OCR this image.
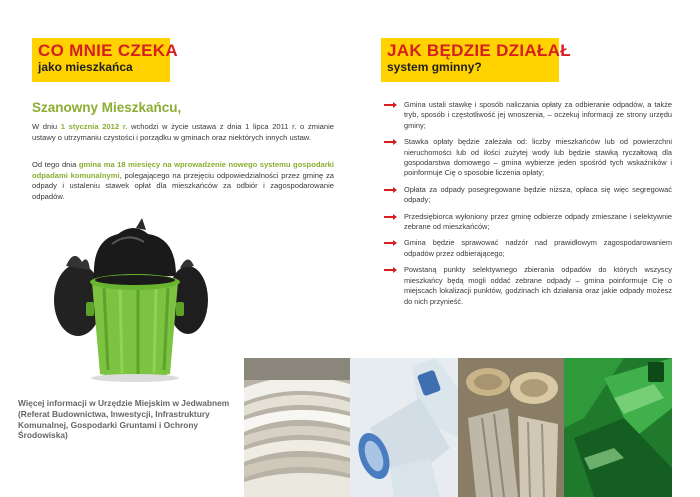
CO MNIE CZEKA
jako mieszkańca
Szanowny Mieszkańcu,
W dniu 1 stycznia 2012 r. wchodzi w życie ustawa z dnia 1 lipca 2011 r. o zmianie ustawy o utrzymaniu czystości i porządku w gminach oraz niektórych innych ustaw.
Od tego dnia gmina ma 18 miesięcy na wprowadzenie nowego systemu gospodarki odpadami komunalnymi, polegającego na przejęciu odpowiedzialności przez gminę za odpady i ustaleniu stawek opłat dla mieszkańców za odbiór i zagospodarowanie odpadów.
Więcej informacji w Urzędzie Miejskim w Jedwabnem (Referat Budownictwa, Inwestycji, Infrastruktury Komunalnej, Gospodarki Gruntami i Ochrony Środowiska)
JAK BĘDZIE DZIAŁAŁ
system gminny?
Gmina ustali stawkę i sposób naliczania opłaty za odbieranie odpadów, a także tryb, sposób i częstotliwość jej wnoszenia, – oczekuj informacji ze strony urzędu gminy;
Stawka opłaty będzie zależała od: liczby mieszkańców lub od powierzchni nieruchomości lub od ilości zużytej wody lub będzie stawką ryczałtową dla gospodarstwa domowego – gmina wybierze jeden spośród tych wskaźników i poinformuje Cię o sposobie liczenia opłaty;
Opłata za odpady posegregowane będzie niższa, opłaca się więc segregować odpady;
Przedsiębiorca wyłoniony przez gminę odbierze odpady zmieszane i selektywnie zebrane od mieszkańców;
Gmina będzie sprawować nadzór nad prawidłowym zagospodarowaniem odpadów przez odbierającego;
Powstaną punkty selektywnego zbierania odpadów do których wszyscy mieszkańcy będą mogli oddać zebrane odpady – gmina poinformuje Cię o miejscach lokalizacji punktów, godzinach ich działania oraz jakie odpady możesz do nich przynieść.
